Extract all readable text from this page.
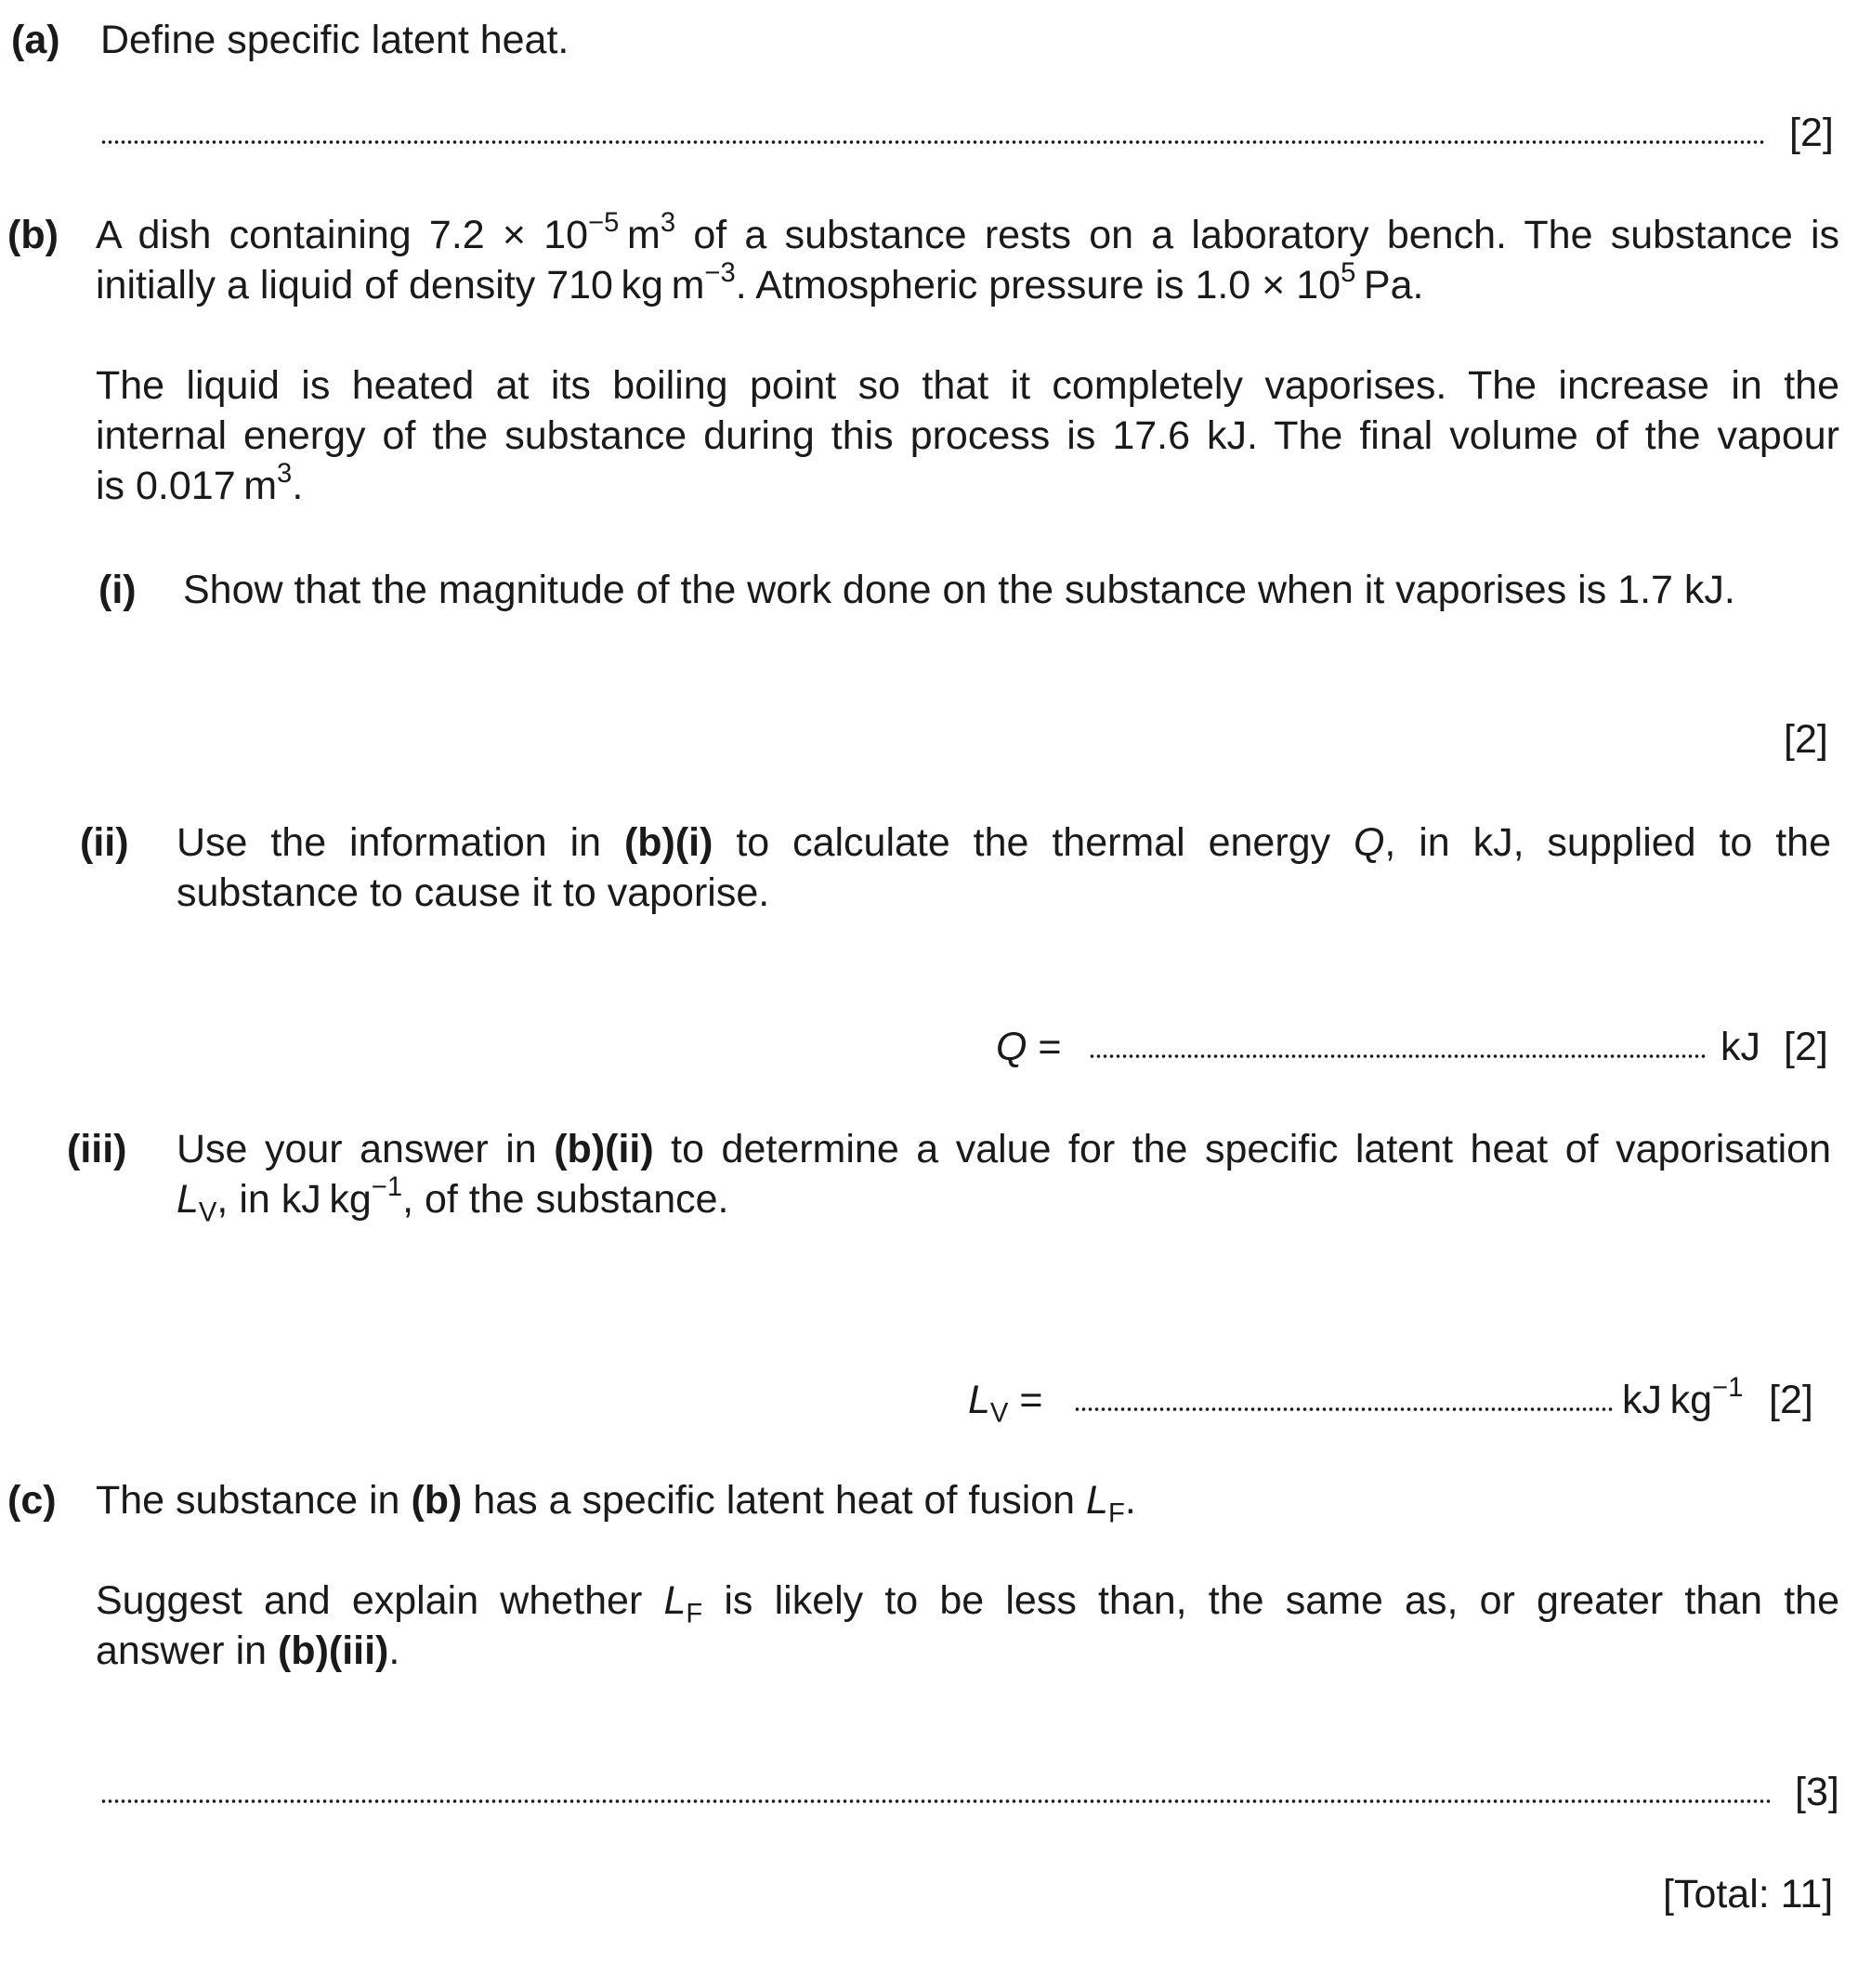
(a) Define specific latent heat.
[2]
(b) A dish containing $7.2 \times 10^{-5}$ $m^3$ of a substance rests on a laboratory bench. The substance is
initially a liquid of density 710 kg $m^{-3}$. Atmospheric pressure is $1.0 \times 10^5$ Pa.
The liquid is heated at its boiling point so that it completely vaporises. The increase in the
internal energy of the substance during this process is 17.6 kJ. The final volume of the vapour
is 0.017 $m^3$.
(i) Show that the magnitude of the work done on the substance when it vaporises is 1.7 kJ.
[2]
(ii) Use the information in (b)(i) to calculate the thermal energy Q, in kJ, supplied to the
substance to cause it to vaporise.
Q =	kJ [2]
(iii) Use your answer in (b)(ii) to determine a value for the specific latent heat of vaporisation
$L_V$, in kJ $kg^{-1}$, of the substance.
$L_V$ =	kJ $kg^{-1}$ [2]
(c) The substance in (b) has a specific latent heat of fusion $L_F$.
Suggest and explain whether $L_F$ is likely to be less than, the same as, or greater than the
answer in (b)(iii).
[3]
[Total: 11]
